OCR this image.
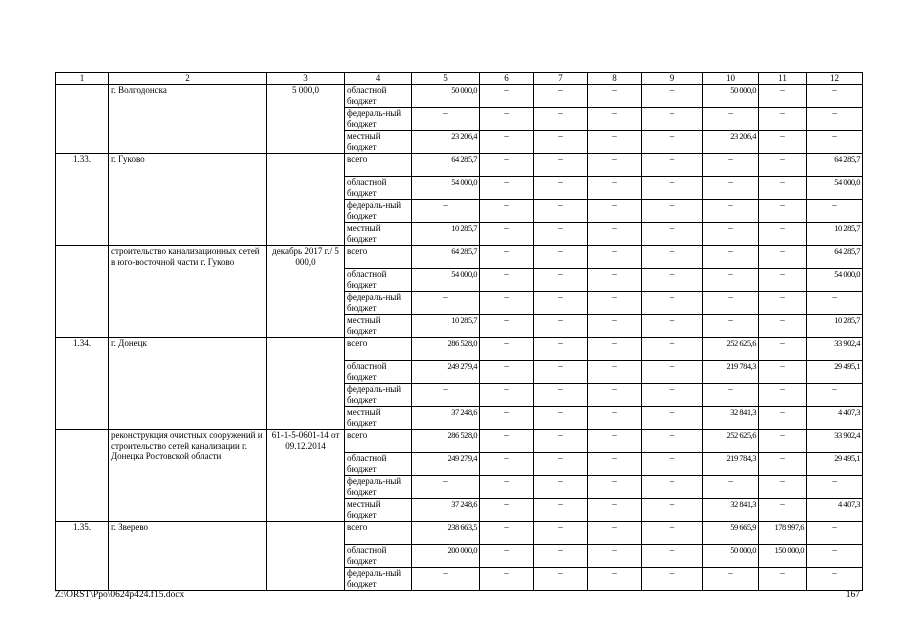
1	2	3	4	5	6	7	8	9	10	11	12
	г. Волгодонска	5 000,0	областной бюджет	50 000,0	–	–	–	–	50 000,0	–	–
			федераль-ный бюджет	–	–	–	–	–	–	–	–
			местный бюджет	23 206,4	–	–	–	–	23 206,4	–	–
1.33.	г. Гуково		всего	64 285,7	–	–	–	–	–	–	64 285,7
			областной бюджет	54 000,0	–	–	–	–	–	–	54 000,0
			федераль-ный бюджет	–	–	–	–	–	–	–	–
			местный бюджет	10 285,7	–	–	–	–	–	–	10 285,7
	строительство канализационных сетей в юго-восточной части г. Гуково	декабрь 2017 г./ 5 000,0	всего	64 285,7	–	–	–	–	–	–	64 285,7
			областной бюджет	54 000,0	–	–	–	–	–	–	54 000,0
			федераль-ный бюджет	–	–	–	–	–	–	–	–
			местный бюджет	10 285,7	–	–	–	–	–	–	10 285,7
1.34.	г. Донецк		всего	286 528,0	–	–	–	–	252 625,6	–	33 902,4
			областной бюджет	249 279,4	–	–	–	–	219 784,3	–	29 495,1
			федераль-ный бюджет	–	–	–	–	–	–	–	–
			местный бюджет	37 248,6	–	–	–	–	32 841,3	–	4 407,3
	реконструкция очистных сооружений и строительство сетей канализации г. Донецка Ростовской области	61-1-5-0601-14 от 09.12.2014	всего	286 528,0	–	–	–	–	252 625,6	–	33 902,4
			областной бюджет	249 279,4	–	–	–	–	219 784,3	–	29 495,1
			федераль-ный бюджет	–	–	–	–	–	–	–	–
			местный бюджет	37 248,6	–	–	–	–	32 841,3	–	4 407,3
1.35.	г. Зверево		всего	238 663,5	–	–	–	–	59 665,9	178 997,6	–
			областной бюджет	200 000,0	–	–	–	–	50 000,0	150 000,0	–
			федераль-ный бюджет	–	–	–	–	–	–	–	–
Z:\ORST\Ppo\0624p424.f15.docx	167
